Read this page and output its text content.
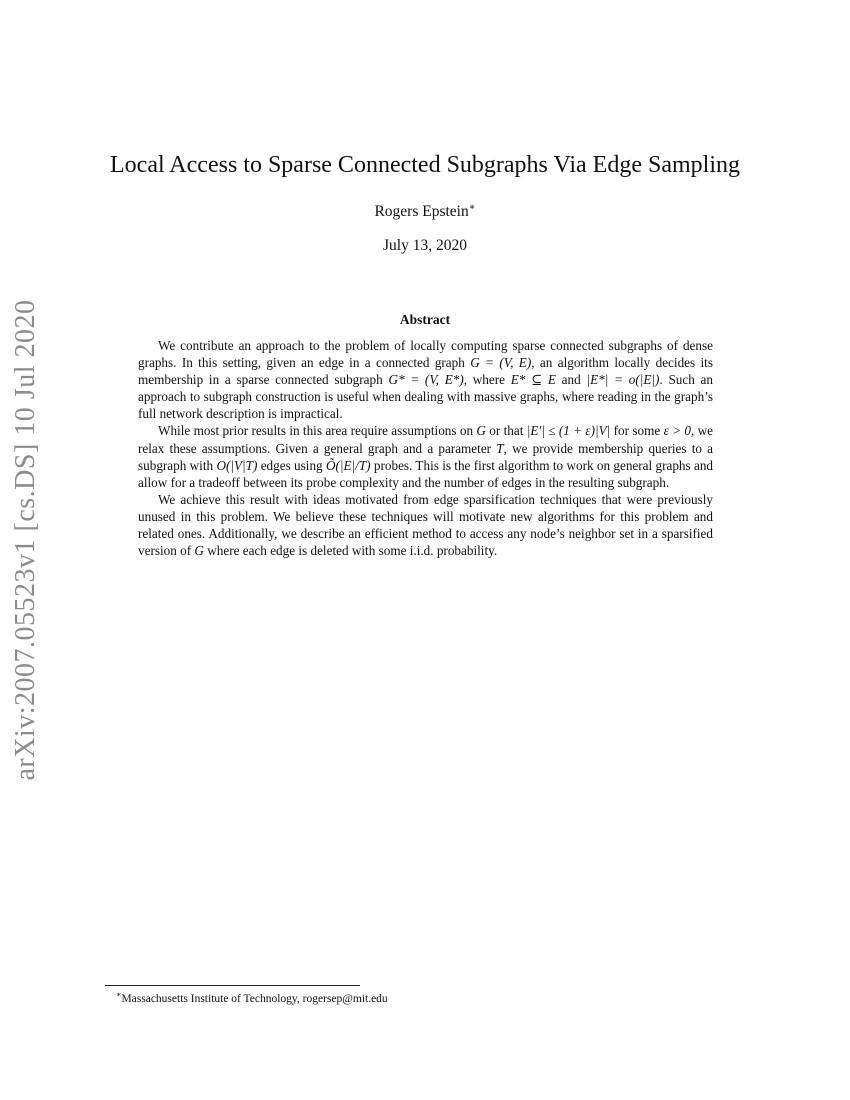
arXiv:2007.05523v1 [cs.DS] 10 Jul 2020
Local Access to Sparse Connected Subgraphs Via Edge Sampling
Rogers Epstein∗
July 13, 2020
Abstract

We contribute an approach to the problem of locally computing sparse connected subgraphs of dense graphs. In this setting, given an edge in a connected graph G = (V, E), an algorithm locally decides its membership in a sparse connected subgraph G* = (V, E*), where E* ⊆ E and |E*| = o(|E|). Such an approach to subgraph construction is useful when dealing with massive graphs, where reading in the graph’s full network description is impractical.

While most prior results in this area require assumptions on G or that |E′| ≤ (1 + ε)|V| for some ε > 0, we relax these assumptions. Given a general graph and a parameter T, we provide membership queries to a subgraph with O(|V|T) edges using Õ(|E|/T) probes. This is the first algorithm to work on general graphs and allow for a tradeoff between its probe complexity and the number of edges in the resulting subgraph.

We achieve this result with ideas motivated from edge sparsification techniques that were previously unused in this problem. We believe these techniques will motivate new algorithms for this problem and related ones. Additionally, we describe an efficient method to access any node’s neighbor set in a sparsified version of G where each edge is deleted with some i.i.d. probability.

∗Massachusetts Institute of Technology, rogersep@mit.edu
